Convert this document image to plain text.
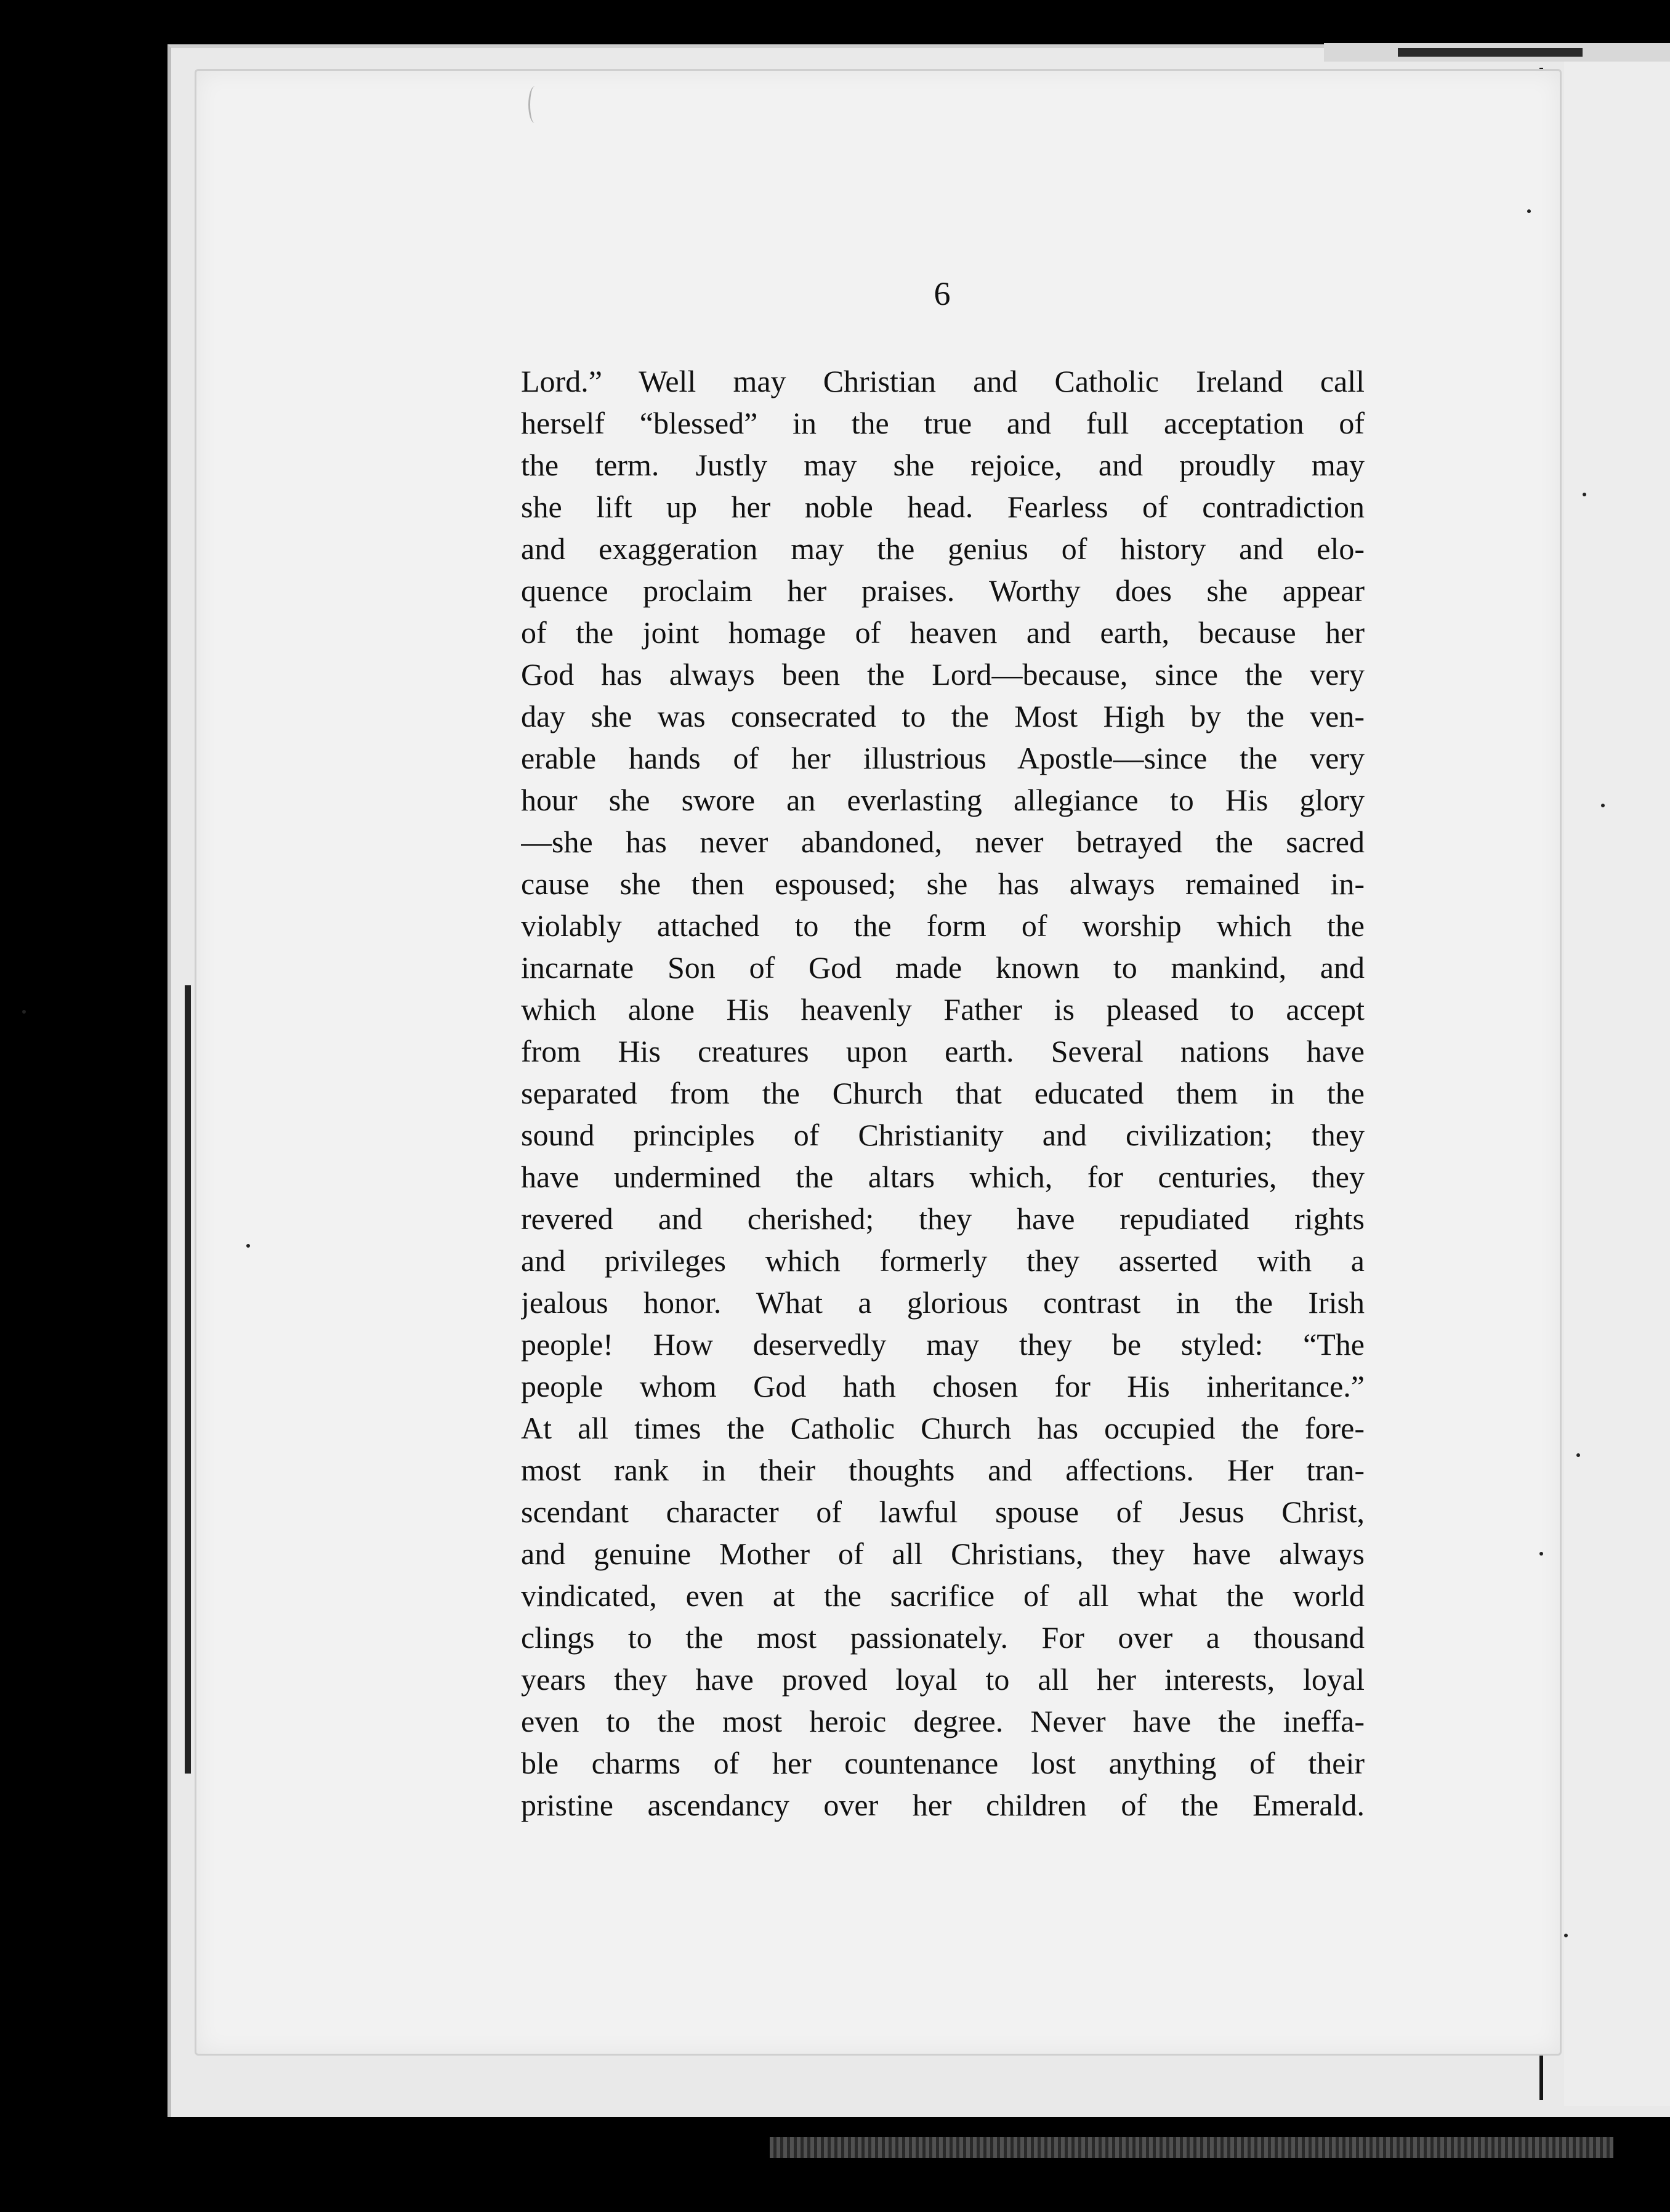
6
Lord.” Well may Christian and Catholic Ireland call
herself “blessed” in the true and full acceptation of
the term. Justly may she rejoice, and proudly may
she lift up her noble head. Fearless of contradiction
and exaggeration may the genius of history and elo-
quence proclaim her praises. Worthy does she appear
of the joint homage of heaven and earth, because her
God has always been the Lord—because, since the very
day she was consecrated to the Most High by the ven-
erable hands of her illustrious Apostle—since the very
hour she swore an everlasting allegiance to His glory
—she has never abandoned, never betrayed the sacred
cause she then espoused; she has always remained in-
violably attached to the form of worship which the
incarnate Son of God made known to mankind, and
which alone His heavenly Father is pleased to accept
from His creatures upon earth. Several nations have
separated from the Church that educated them in the
sound principles of Christianity and civilization; they
have undermined the altars which, for centuries, they
revered and cherished; they have repudiated rights
and privileges which formerly they asserted with a
jealous honor. What a glorious contrast in the Irish
people! How deservedly may they be styled: “The
people whom God hath chosen for His inheritance.”
At all times the Catholic Church has occupied the fore-
most rank in their thoughts and affections. Her tran-
scendant character of lawful spouse of Jesus Christ,
and genuine Mother of all Christians, they have always
vindicated, even at the sacrifice of all what the world
clings to the most passionately. For over a thousand
years they have proved loyal to all her interests, loyal
even to the most heroic degree. Never have the ineffa-
ble charms of her countenance lost anything of their
pristine ascendancy over her children of the Emerald.
